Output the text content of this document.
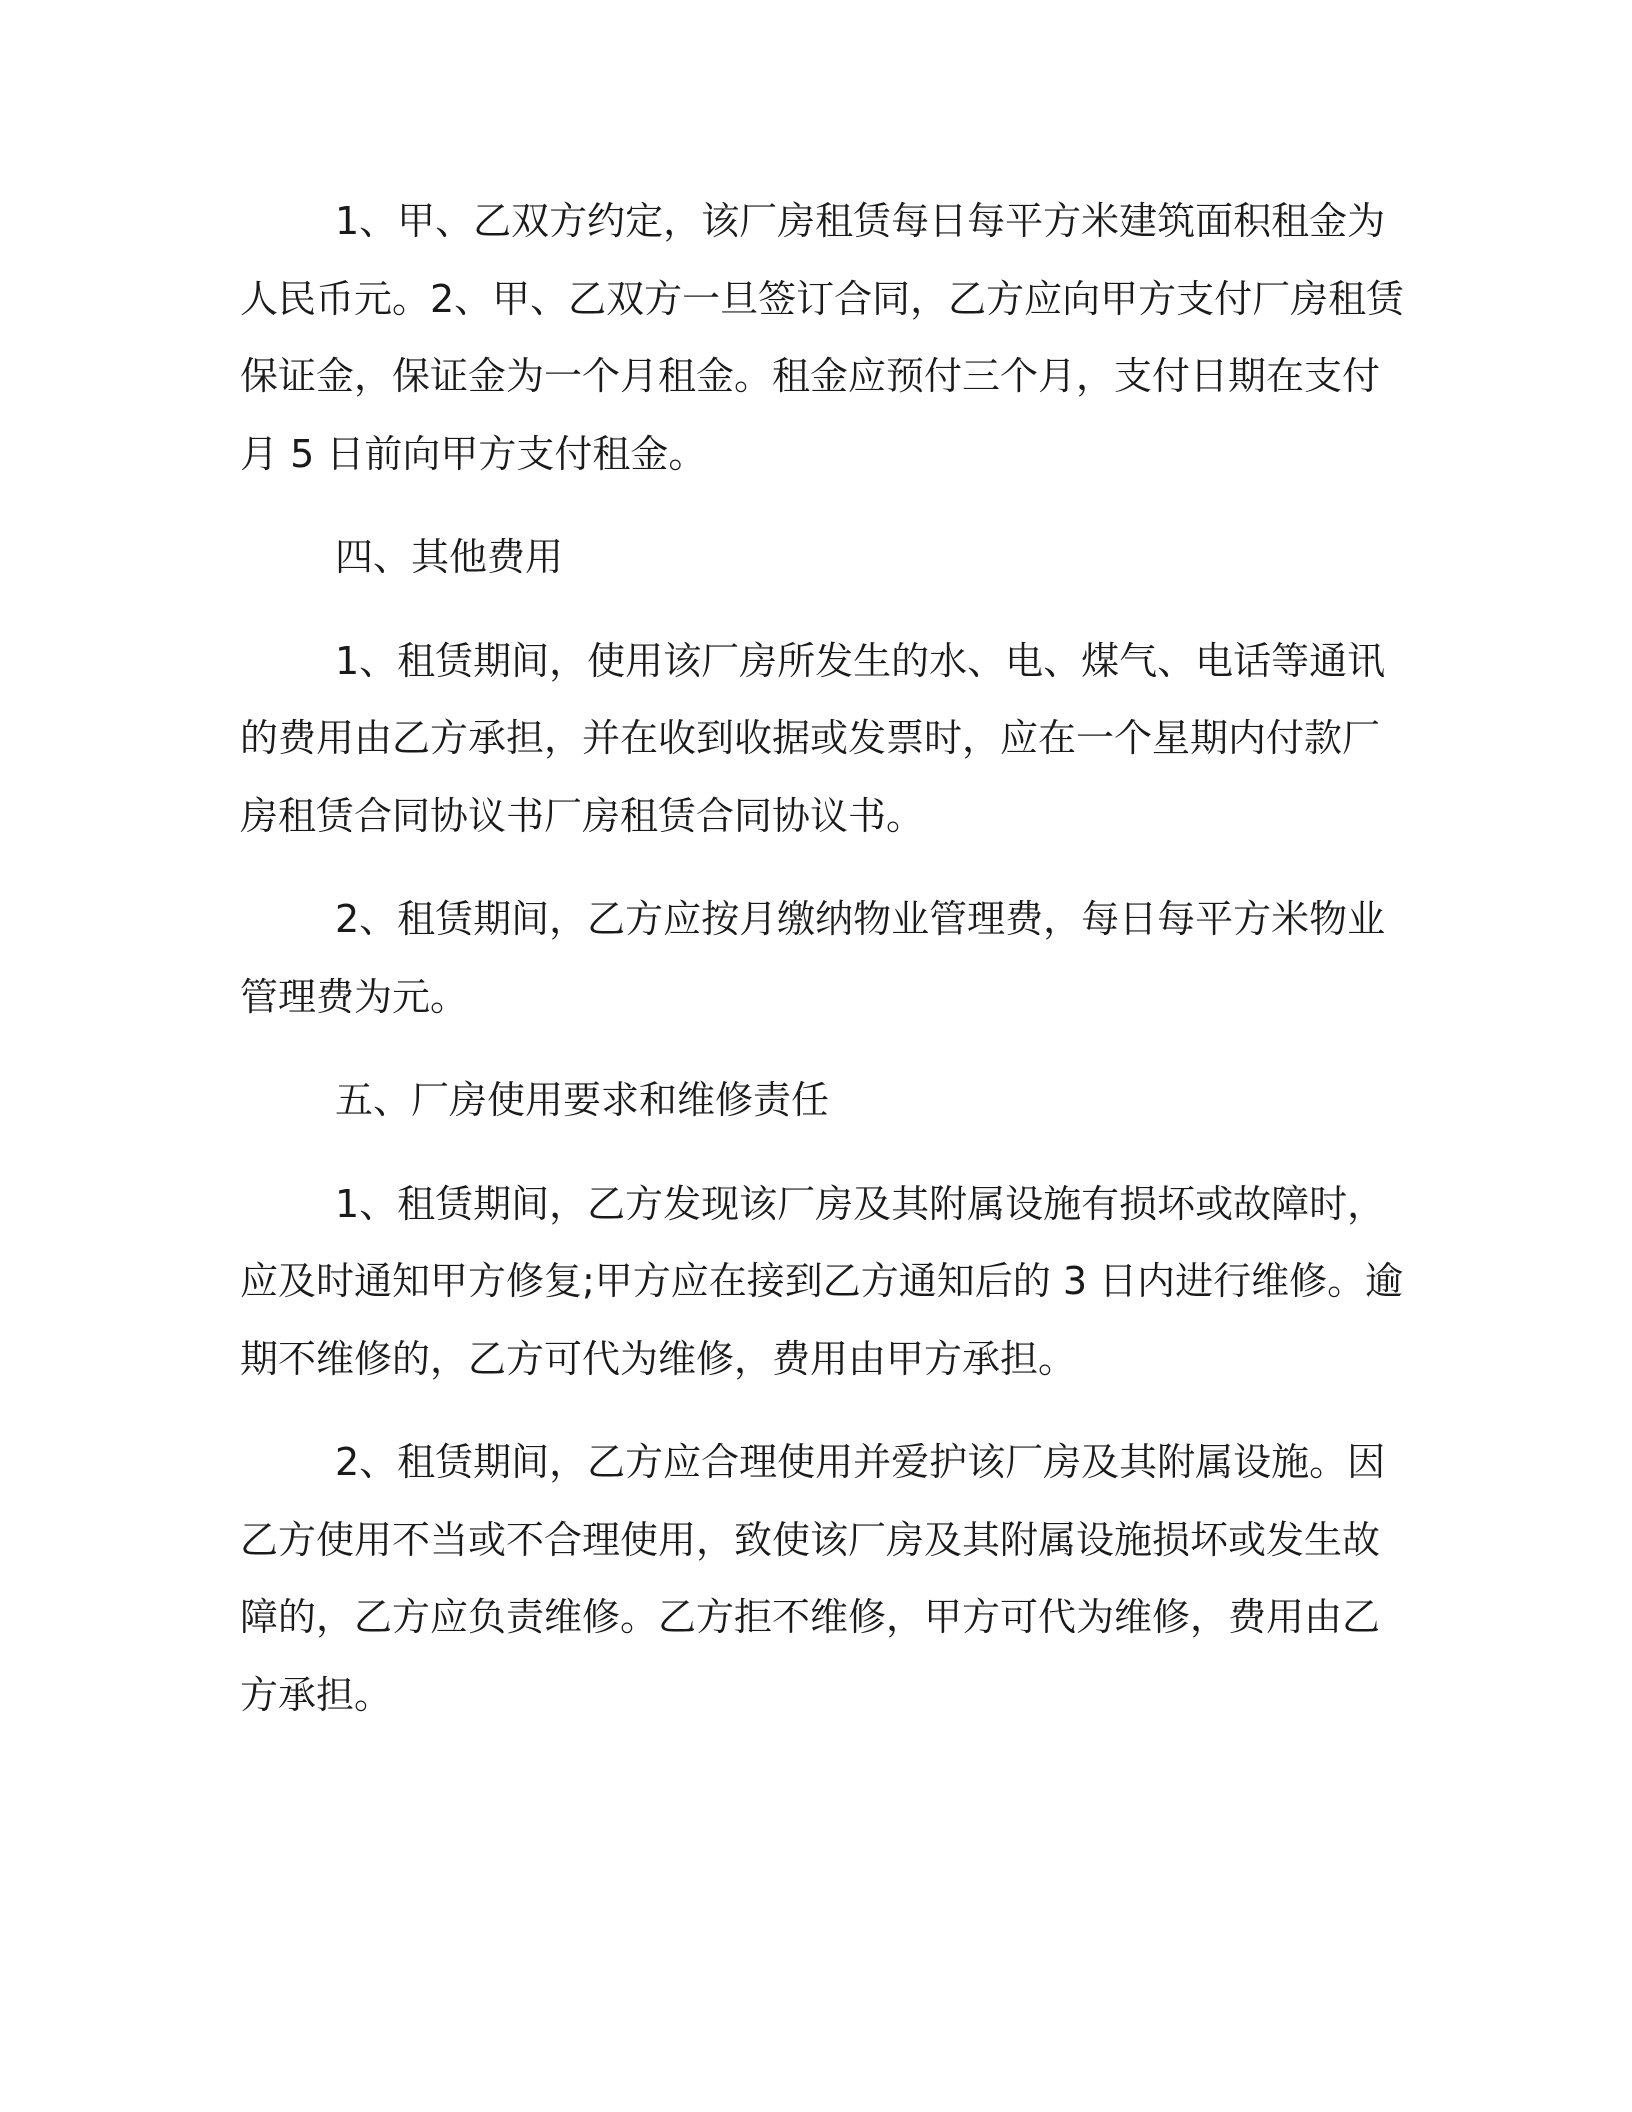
1、甲、乙双方约定，该厂房租赁每日每平方米建筑面积租金为
人民币元。2、甲、乙双方一旦签订合同，乙方应向甲方支付厂房租赁
保证金，保证金为一个月租金。租金应预付三个月，支付日期在支付
月 5 日前向甲方支付租金。
四、其他费用
1、租赁期间，使用该厂房所发生的水、电、煤气、电话等通讯
的费用由乙方承担，并在收到收据或发票时，应在一个星期内付款厂
房租赁合同协议书厂房租赁合同协议书。
2、租赁期间，乙方应按月缴纳物业管理费，每日每平方米物业
管理费为元。
五、厂房使用要求和维修责任
1、租赁期间，乙方发现该厂房及其附属设施有损坏或故障时，
应及时通知甲方修复;甲方应在接到乙方通知后的 3 日内进行维修。逾
期不维修的，乙方可代为维修，费用由甲方承担。
2、租赁期间，乙方应合理使用并爱护该厂房及其附属设施。因
乙方使用不当或不合理使用，致使该厂房及其附属设施损坏或发生故
障的，乙方应负责维修。乙方拒不维修，甲方可代为维修，费用由乙
方承担。
